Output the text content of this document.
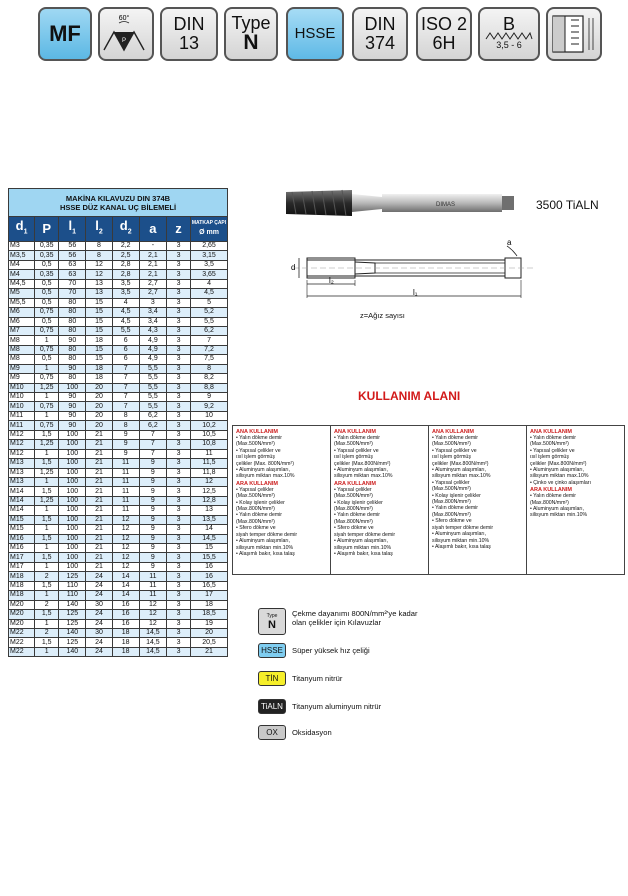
MF
60°
P
DIN 13
Type
N HSSE DIN
374
ISO 2
6H
B
3,5 - 6
MAKİNA KILAVUZU DIN 374B
HSSE DÜZ KANAL UÇ BİLEMELİ							
$d_1$	P	$l_1$	$l_2$	$d_2$	a	z	MATKAP ÇAPI
Ø mm
M3	0,35	56	8	2,2	-	3	2,65
M3,5	0,35	56	8	2,5	2,1	3	3,15
M4	0,5	63	12	2,8	2,1	3	3,5
M4	0,35	63	12	2,8	2,1	3	3,65
M4,5	0,5	70	13	3,5	2,7	3	4
M5	0,5	70	13	3,5	2,7	3	4,5
M5,5	0,5	80	15	4	3	3	5
M6	0,75	80	15	4,5	3,4	3	5,2
M6	0,5	80	15	4,5	3,4	3	5,5
M7	0,75	80	15	5,5	4,3	3	6,2
M8	1	90	18	6	4,9	3	7
M8	0,75	80	15	6	4,9	3	7,2
M8	0,5	80	15	6	4,9	3	7,5
M9	1	90	18	7	5,5	3	8
M9	0,75	80	18	7	5,5	3	8,2
M10	1,25	100	20	7	5,5	3	8,8
M10	1	90	20	7	5,5	3	9
M10	0,75	90	20	7	5,5	3	9,2
M11	1	90	20	8	6,2	3	10
M11	0,75	90	20	8	6,2	3	10,2
M12	1,5	100	21	9	7	3	10,5
M12	1,25	100	21	9	7	3	10,8
M12	1	100	21	9	7	3	11
M13	1,5	100	21	11	9	3	11,5
M13	1,25	100	21	11	9	3	11,8
M13	1	100	21	11	9	3	12
M14	1,5	100	21	11	9	3	12,5
M14	1,25	100	21	11	9	3	12,8
M14	1	100	21	11	9	3	13
M15	1,5	100	21	12	9	3	13,5
M15	1	100	21	12	9	3	14
M16	1,5	100	21	12	9	3	14,5
M16	1	100	21	12	9	3	15
M17	1,5	100	21	12	9	3	15,5
M17	1	100	21	12	9	3	16
M18	2	125	24	14	11	3	16
M18	1,5	110	24	14	11	3	16,5
M18	1	110	24	14	11	3	17
M20	2	140	30	16	12	3	18
M20	1,5	125	24	16	12	3	18,5
M20	1	125	24	16	12	3	19
M22	2	140	30	18	14,5	3	20
M22	1,5	125	24	18	14,5	3	20,5
M22	1	140	24	18	14,5	3	21
DIMAS	3500 TiALN
d
l₂
l₁
a
z=Ağız sayısı
KULLANIM ALANI
ANA KULLANIM
• Yalın dökme demir
(Max.500N/mm²)
• Yapısal çelikler ve
ısıl işlem görmüş
çelikler (Max. 800N/mm²)
• Aluminyum alaşımları,
silisyum miktarı max.10%
ARA KULLANIM
• Yapısal çelikler
(Max.500N/mm²)
• Kolay işlenir çelikler
(Max.800N/mm²)
• Yalın dökme demir
(Max.800N/mm²)
• Sfero dökme ve
siyah temper dökme demir
• Aluminyum alaşımları,
silisyum miktarı min.10%
• Alaşımlı bakır, kısa talaş

ANA KULLANIM
• Yalın dökme demir
(Max.500N/mm²)
• Yapısal çelikler ve
ısıl işlem görmüş
çelikler (Max.800N/mm²)
• Aluminyum alaşımları,
silisyum miktarı max.10%
ARA KULLANIM
• Yapısal çelikler
(Max.500N/mm²)
• Kolay işlenir çelikler
(Max.800N/mm²)
• Yalın dökme demir
(Max.800N/mm²)
• Sfero dökme ve
siyah temper dökme demir
• Aluminyum alaşımları,
silisyum miktarı min.10%
• Alaşımlı bakır, kısa talaş

ANA KULLANIM
• Yalın dökme demir
(Max.500N/mm²)
• Yapısal çelikler ve
ısıl işlem görmüş
çelikler (Max.800N/mm²)
• Aluminyum alaşımları,
silisyum miktarı max.10%
• Yapısal çelikler
(Max.500N/mm²)
• Kolay işlenir çelikler
(Max.800N/mm²)
• Yalın dökme demir
(Max.800N/mm²)
• Sfero dökme ve
siyah temper dökme demir
• Aluminyum alaşımları,
silisyum miktarı min.10%
• Alaşımlı bakır, kısa talaş

ANA KULLANIM
• Yalın dökme demir
(Max.500N/mm²)
• Yapısal çelikler ve
ısıl işlem görmüş
çelikler (Max.800N/mm²)
• Aluminyum alaşımları,
silisyum miktarı max.10%
• Çinko ve çinko alaşımları
ARA KULLANIM
• Yalın dökme demir
(Max.800N/mm²)
• Aluminyum alaşımları,
silisyum miktarı min.10%
Type
N
Çekme dayanımı 800N/mm²'ye kadar olan çelikler için Kılavuzlar
HSSE	Süper yüksek hız çeliği
TİN	Titanyum nitrür
TiALN	Titanyum aluminyum nitrür
OX	Oksidasyon
